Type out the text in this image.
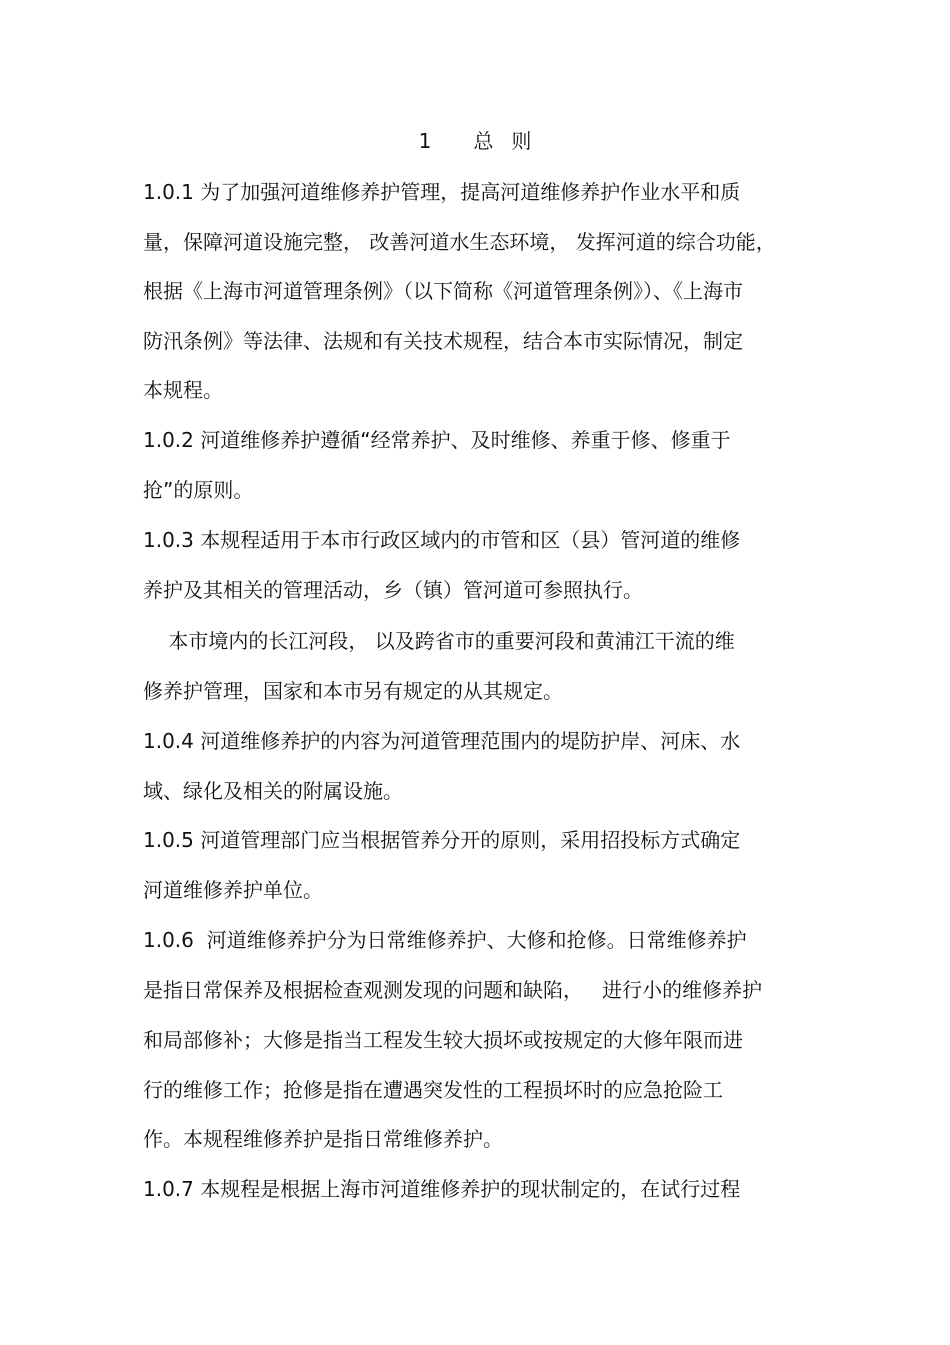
1 总 则
1.0.1 为了加强河道维修养护管理，提高河道维修养护作业水平和质
量，保障河道设施完整， 改善河道水生态环境， 发挥河道的综合功能，
根据《上海市河道管理条例》（以下简称《河道管理条例》）、《上海市
防汛条例》等法律、法规和有关技术规程，结合本市实际情况，制定
本规程。
1.0.2 河道维修养护遵循“经常养护、及时维修、养重于修、修重于
抢”的原则。
1.0.3 本规程适用于本市行政区域内的市管和区（县）管河道的维修
养护及其相关的管理活动，乡（镇）管河道可参照执行。
本市境内的长江河段， 以及跨省市的重要河段和黄浦江干流的维
修养护管理，国家和本市另有规定的从其规定。
1.0.4 河道维修养护的内容为河道管理范围内的堤防护岸、河床、水
域、绿化及相关的附属设施。
1.0.5 河道管理部门应当根据管养分开的原则，采用招投标方式确定
河道维修养护单位。
1.0.6  河道维修养护分为日常维修养护、大修和抢修。日常维修养护
是指日常保养及根据检查观测发现的问题和缺陷，   进行小的维修养护
和局部修补；大修是指当工程发生较大损坏或按规定的大修年限而进
行的维修工作；抢修是指在遭遇突发性的工程损坏时的应急抢险工
作。本规程维修养护是指日常维修养护。
1.0.7 本规程是根据上海市河道维修养护的现状制定的，在试行过程
